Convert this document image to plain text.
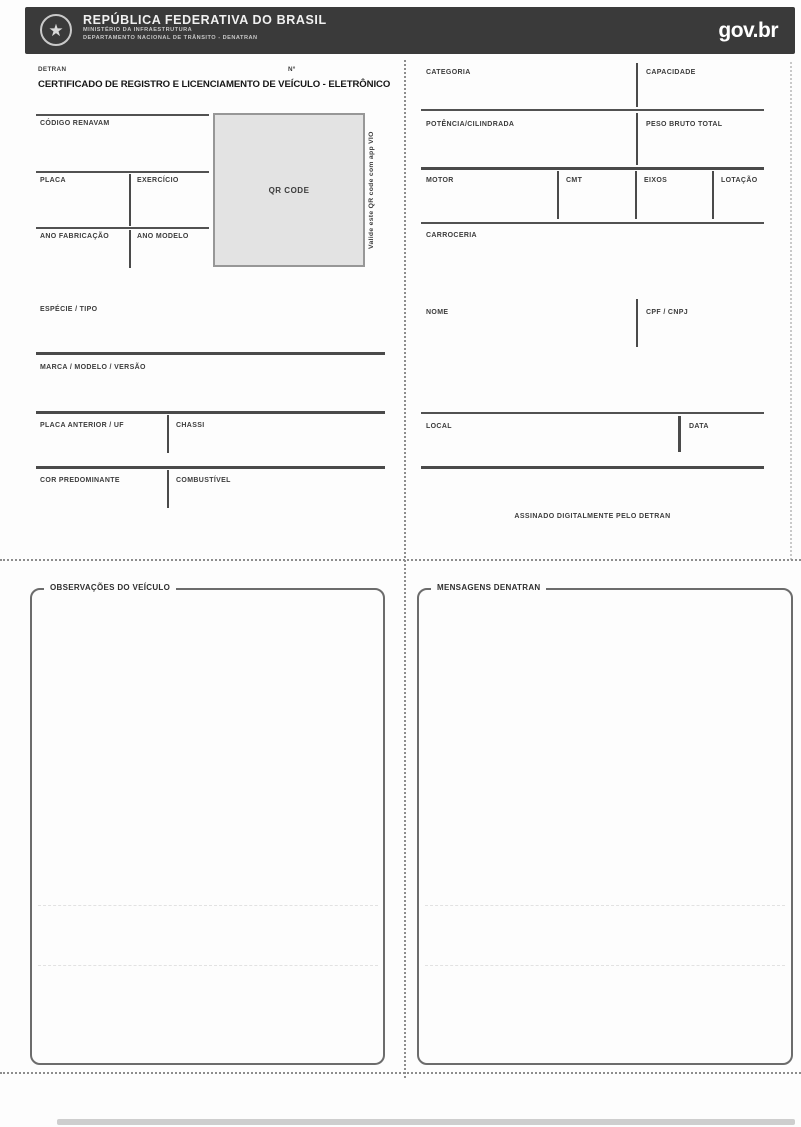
★
REPÚBLICA FEDERATIVA DO BRASIL
MINISTÉRIO DA INFRAESTRUTURA
DEPARTAMENTO NACIONAL DE TRÂNSITO - DENATRAN	gov.br
DETRAN	Nº
CERTIFICADO DE REGISTRO E LICENCIAMENTO DE VEÍCULO - ELETRÔNICO
CÓDIGO RENAVAM
PLACA	EXERCÍCIO
ANO FABRICAÇÃO	ANO MODELO
QR CODE	Valide este QR code com app VIO
ESPÉCIE / TIPO
MARCA / MODELO / VERSÃO
PLACA ANTERIOR / UF	CHASSI
COR PREDOMINANTE	COMBUSTÍVEL
CATEGORIA	CAPACIDADE
POTÊNCIA/CILINDRADA	PESO BRUTO TOTAL
MOTOR	CMT	EIXOS	LOTAÇÃO
CARROCERIA
NOME	CPF / CNPJ
LOCAL	DATA
ASSINADO DIGITALMENTE PELO DETRAN
OBSERVAÇÕES DO VEÍCULO	MENSAGENS DENATRAN
